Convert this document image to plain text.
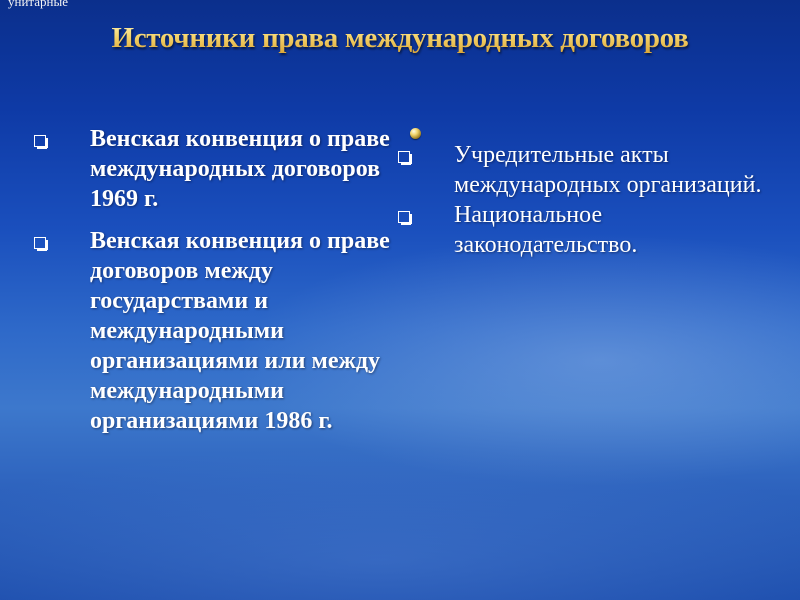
унитарные
Источники права международных договоров
Венская конвенция о праве международных договоров 1969 г.
Венская конвенция о праве договоров между государствами и международными организациями или между международными организациями 1986 г.
Учредительные акты международных организаций.
Национальное законодательство.
